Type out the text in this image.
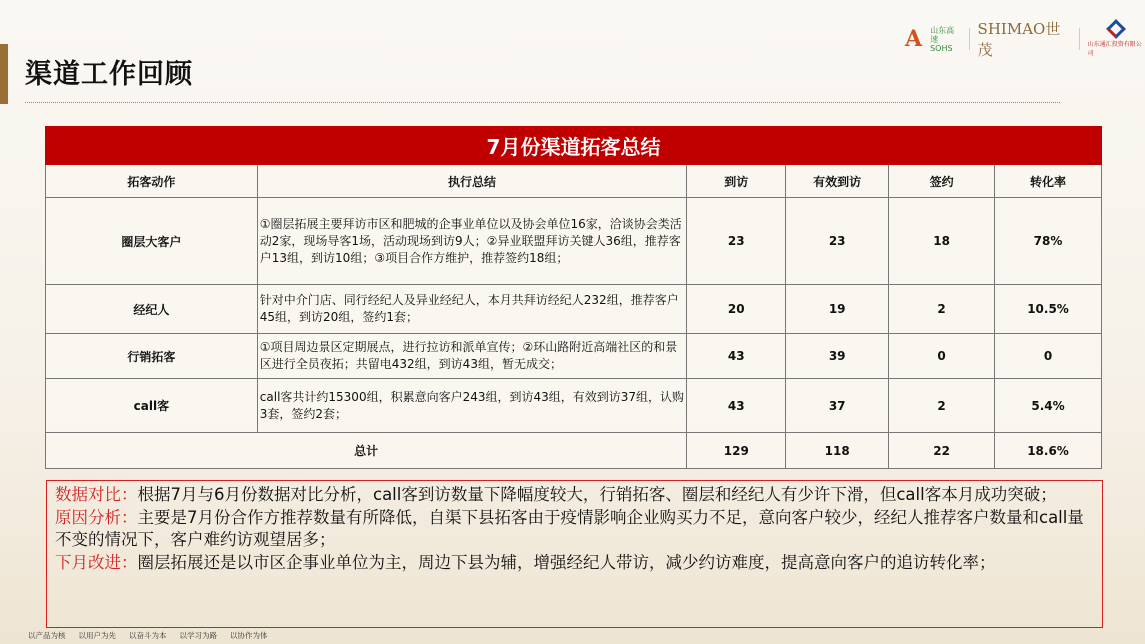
渠道工作回顾
A 山东高速
SOHS
SHIMAO世茂	山东通汇投资有限公司
7月份渠道拓客总结					
拓客动作	执行总结	到访	有效到访	签约	转化率
圈层大客户	①圈层拓展主要拜访市区和肥城的企事业单位以及协会单位16家，洽谈协会类活动2家，现场导客1场，活动现场到访9人；②异业联盟拜访关键人36组，推荐客户13组，到访10组；③项目合作方维护，推荐签约18组；	23	23	18	78%
经纪人	针对中介门店、同行经纪人及异业经纪人，本月共拜访经纪人232组，推荐客户45组，到访20组，签约1套；	20	19	2	10.5%
行销拓客	①项目周边景区定期展点，进行拉访和派单宣传；②环山路附近高端社区的和景区进行全员夜拓；共留电432组，到访43组，暂无成交；	43	39	0	0
call客	call客共计约15300组，积累意向客户243组，到访43组，有效到访37组，认购3套，签约2套；	43	37	2	5.4%
总计		129	118	22	18.6%
数据对比：根据7月与6月份数据对比分析，call客到访数量下降幅度较大，行销拓客、圈层和经纪人有少许下滑，但call客本月成功突破；
原因分析：主要是7月份合作方推荐数量有所降低，自渠下县拓客由于疫情影响企业购买力不足，意向客户较少，经纪人推荐客户数量和call量不变的情况下，客户难约访观望居多；
下月改进：圈层拓展还是以市区企事业单位为主，周边下县为辅，增强经纪人带访，减少约访难度，提高意向客户的追访转化率；
以产品为核 以用户为先 以奋斗为本 以学习为路 以协作为体
